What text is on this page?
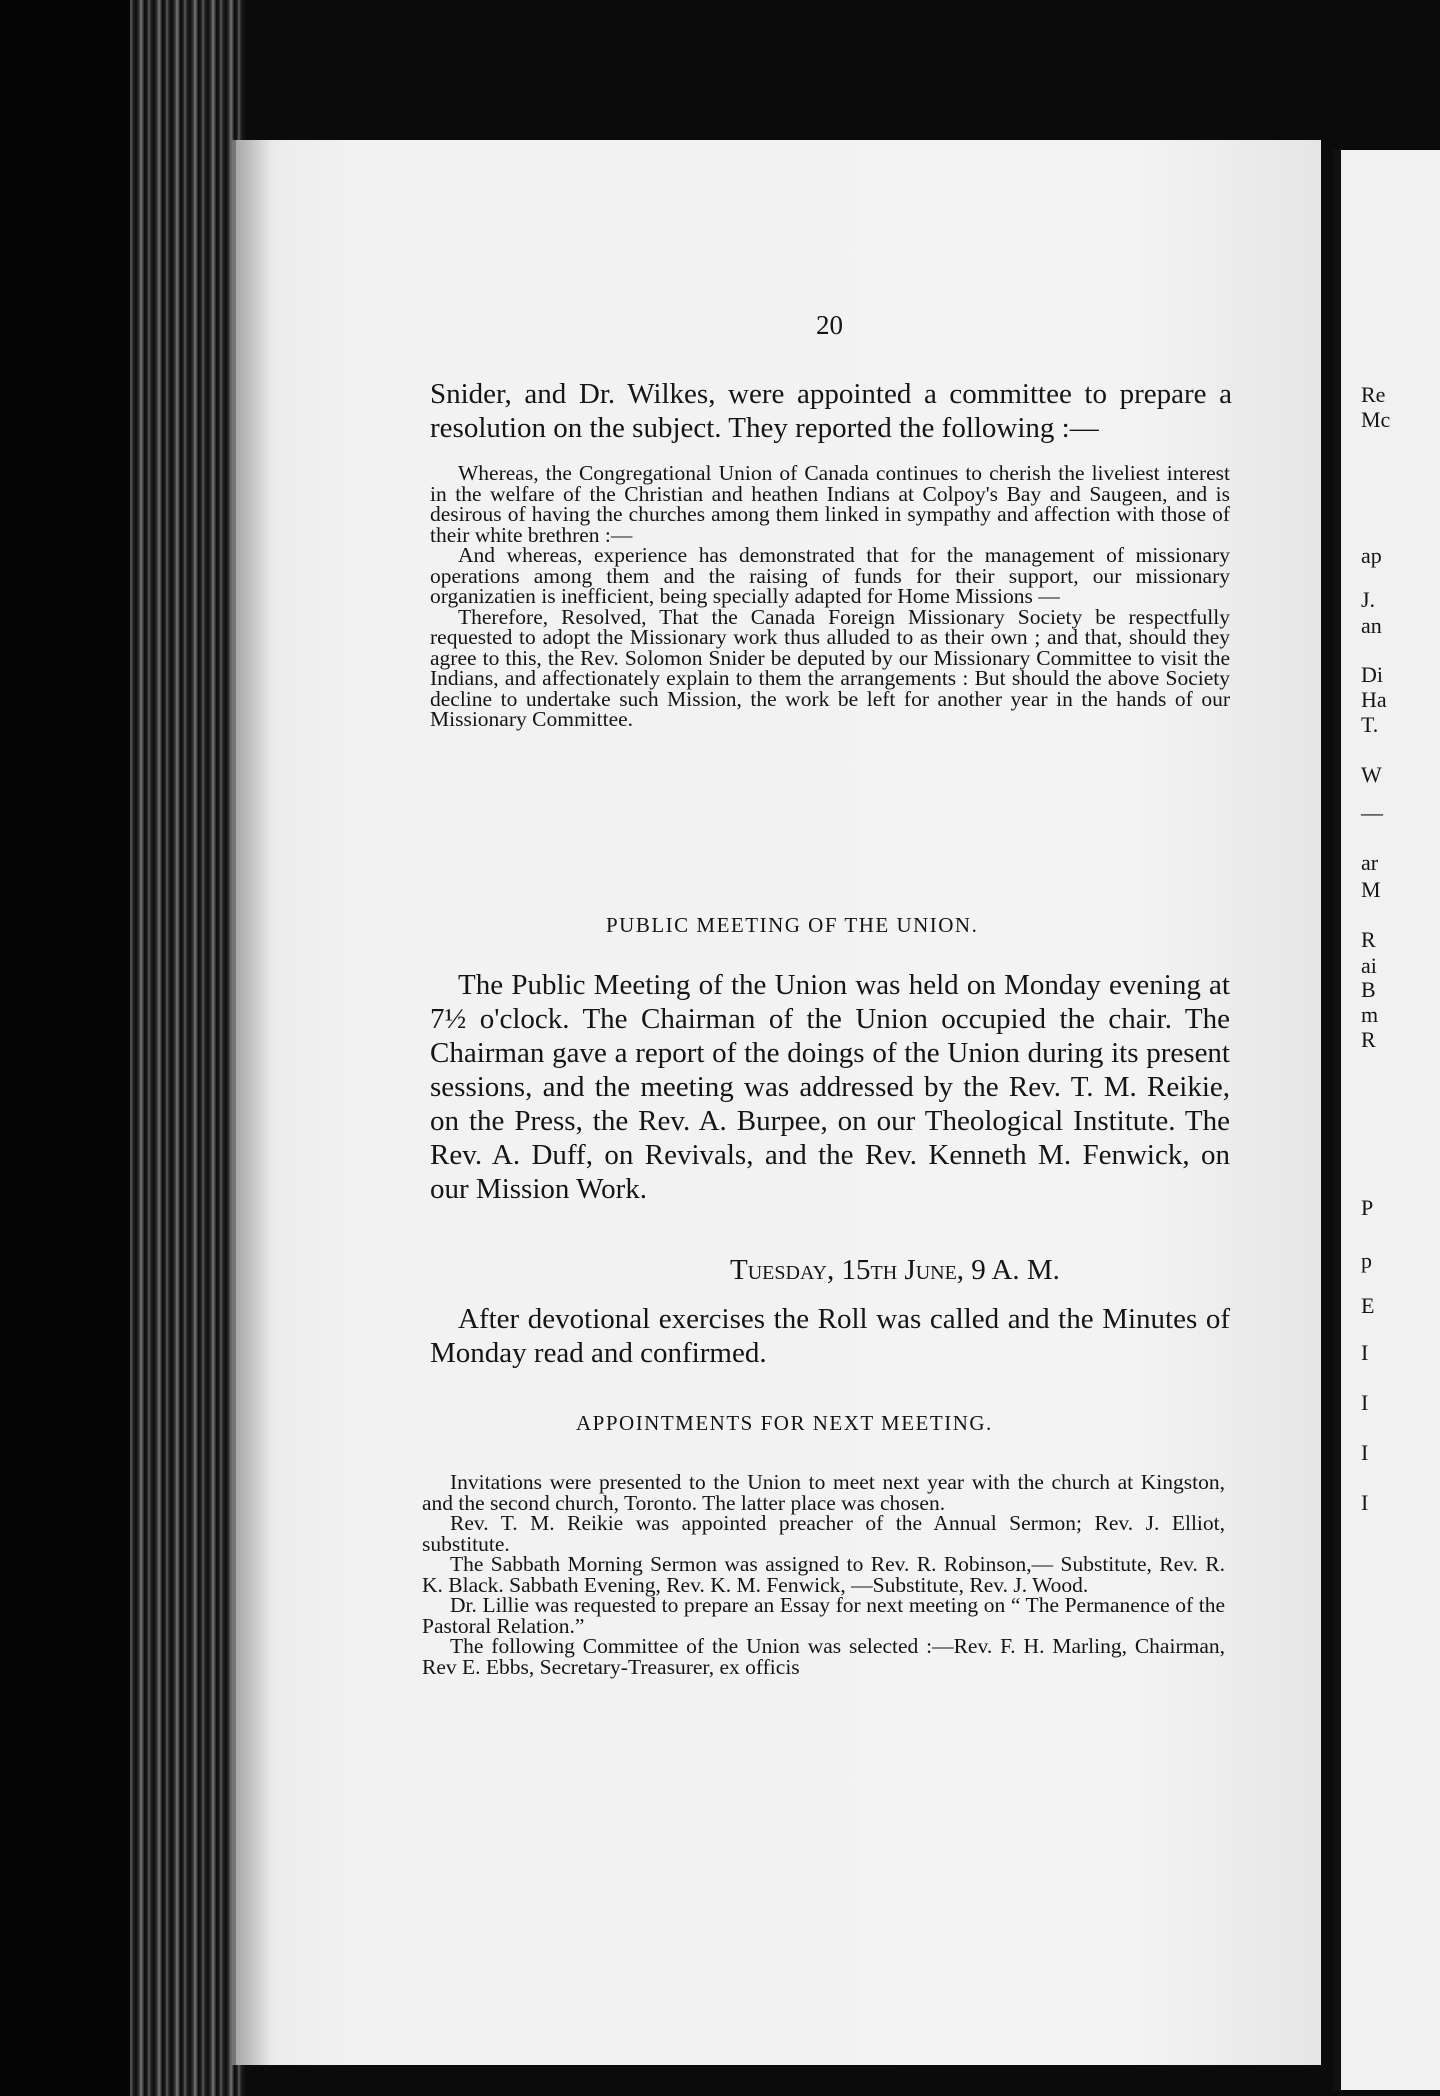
Re
Mc
ap
J.
an
Di
Ha
T.
W
—
ar
M
R
ai
B
m
R
P
p
E
I
I
I
I
20
Snider, and Dr. Wilkes, were appointed a committee to prepare a resolution on the subject. They reported the following :—
Whereas, the Congregational Union of Canada continues to cherish the liveliest interest in the welfare of the Christian and heathen Indians at Colpoy's Bay and Saugeen, and is desirous of having the churches among them linked in sympathy and affection with those of their white brethren :—
And whereas, experience has demonstrated that for the management of missionary operations among them and the raising of funds for their support, our missionary organizatien is inefficient, being specially adapted for Home Missions —
Therefore, Resolved, That the Canada Foreign Missionary Society be respectfully requested to adopt the Missionary work thus alluded to as their own ; and that, should they agree to this, the Rev. Solomon Snider be deputed by our Missionary Committee to visit the Indians, and affectionately explain to them the arrangements : But should the above Society decline to undertake such Mission, the work be left for another year in the hands of our Missionary Committee.
PUBLIC MEETING OF THE UNION.
The Public Meeting of the Union was held on Monday evening at 7½ o'clock. The Chairman of the Union occupied the chair. The Chairman gave a report of the doings of the Union during its present sessions, and the meeting was addressed by the Rev. T. M. Reikie, on the Press, the Rev. A. Burpee, on our Theological Institute. The Rev. A. Duff, on Revivals, and the Rev. Kenneth M. Fenwick, on our Mission Work.
Tuesday, 15th June, 9 A. M.
After devotional exercises the Roll was called and the Minutes of Monday read and confirmed.
APPOINTMENTS FOR NEXT MEETING.
Invitations were presented to the Union to meet next year with the church at Kingston, and the second church, Toronto. The latter place was chosen.
Rev. T. M. Reikie was appointed preacher of the Annual Sermon; Rev. J. Elliot, substitute.
The Sabbath Morning Sermon was assigned to Rev. R. Robinson,— Substitute, Rev. R. K. Black. Sabbath Evening, Rev. K. M. Fenwick, —Substitute, Rev. J. Wood.
Dr. Lillie was requested to prepare an Essay for next meeting on “ The Permanence of the Pastoral Relation.”
The following Committee of the Union was selected :—Rev. F. H. Marling, Chairman, Rev E. Ebbs, Secretary-Treasurer, ex officis
